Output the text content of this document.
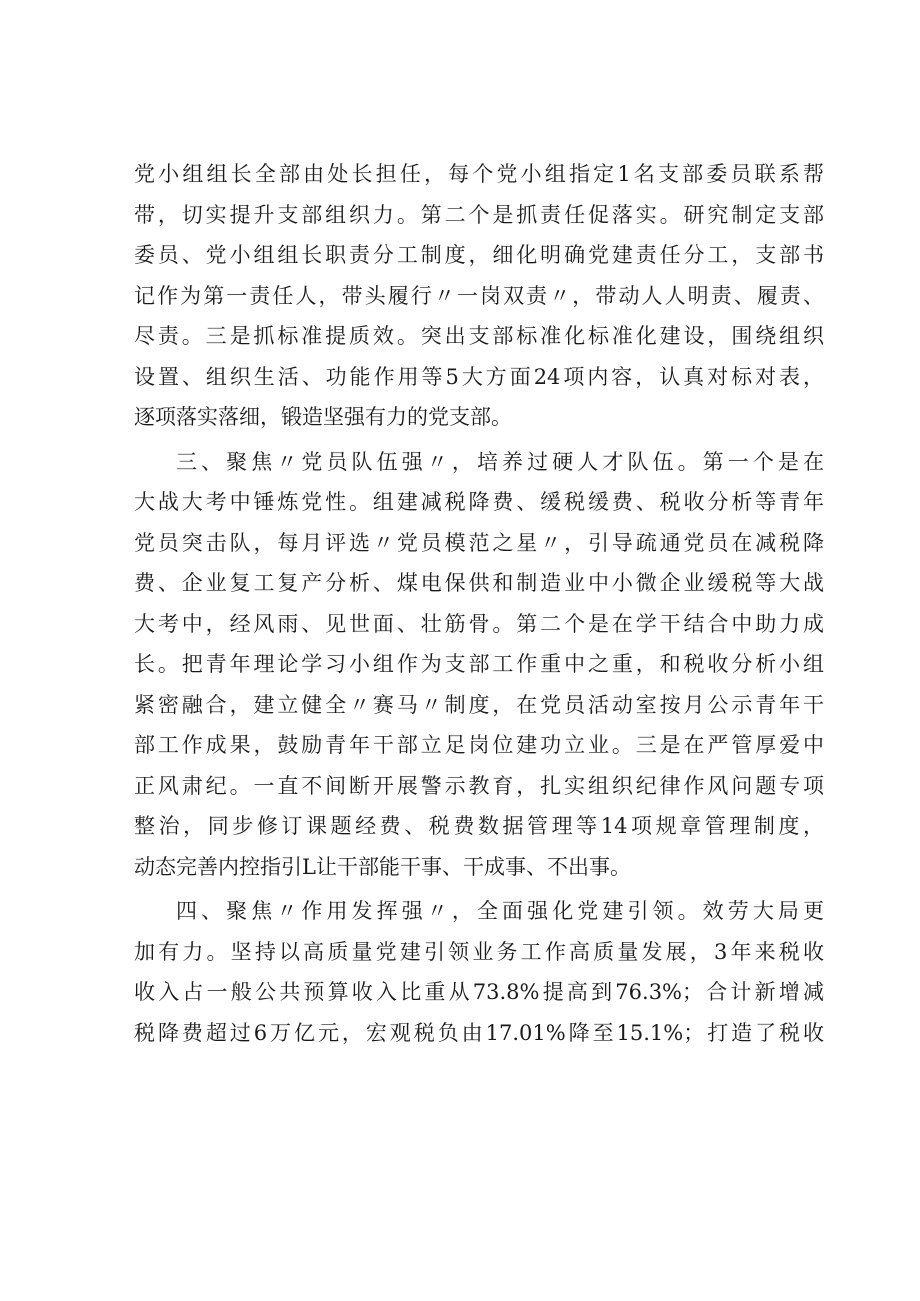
党小组组长全部由处长担任，每个党小组指定1名支部委员联系帮
带，切实提升支部组织力。第二个是抓责任促落实。研究制定支部
委员、党小组组长职责分工制度，细化明确党建责任分工，支部书
记作为第一责任人，带头履行〃一岗双责〃，带动人人明责、履责、
尽责。三是抓标准提质效。突出支部标准化标准化建设，围绕组织
设置、组织生活、功能作用等5大方面24项内容，认真对标对表，
逐项落实落细，锻造坚强有力的党支部。
三、聚焦〃党员队伍强〃，培养过硬人才队伍。第一个是在
大战大考中锤炼党性。组建减税降费、缓税缓费、税收分析等青年
党员突击队，每月评选〃党员模范之星〃，引导疏通党员在减税降
费、企业复工复产分析、煤电保供和制造业中小微企业缓税等大战
大考中，经风雨、见世面、壮筋骨。第二个是在学干结合中助力成
长。把青年理论学习小组作为支部工作重中之重，和税收分析小组
紧密融合，建立健全〃赛马〃制度，在党员活动室按月公示青年干
部工作成果，鼓励青年干部立足岗位建功立业。三是在严管厚爱中
正风肃纪。一直不间断开展警示教育，扎实组织纪律作风问题专项
整治，同步修订课题经费、税费数据管理等14项规章管理制度，
动态完善内控指引L让干部能干事、干成事、不出事。
四、聚焦〃作用发挥强〃，全面强化党建引领。效劳大局更
加有力。坚持以高质量党建引领业务工作高质量发展，3年来税收
收入占一般公共预算收入比重从73.8%提高到76.3%；合计新增减
税降费超过6万亿元，宏观税负由17.01%降至15.1%；打造了税收
